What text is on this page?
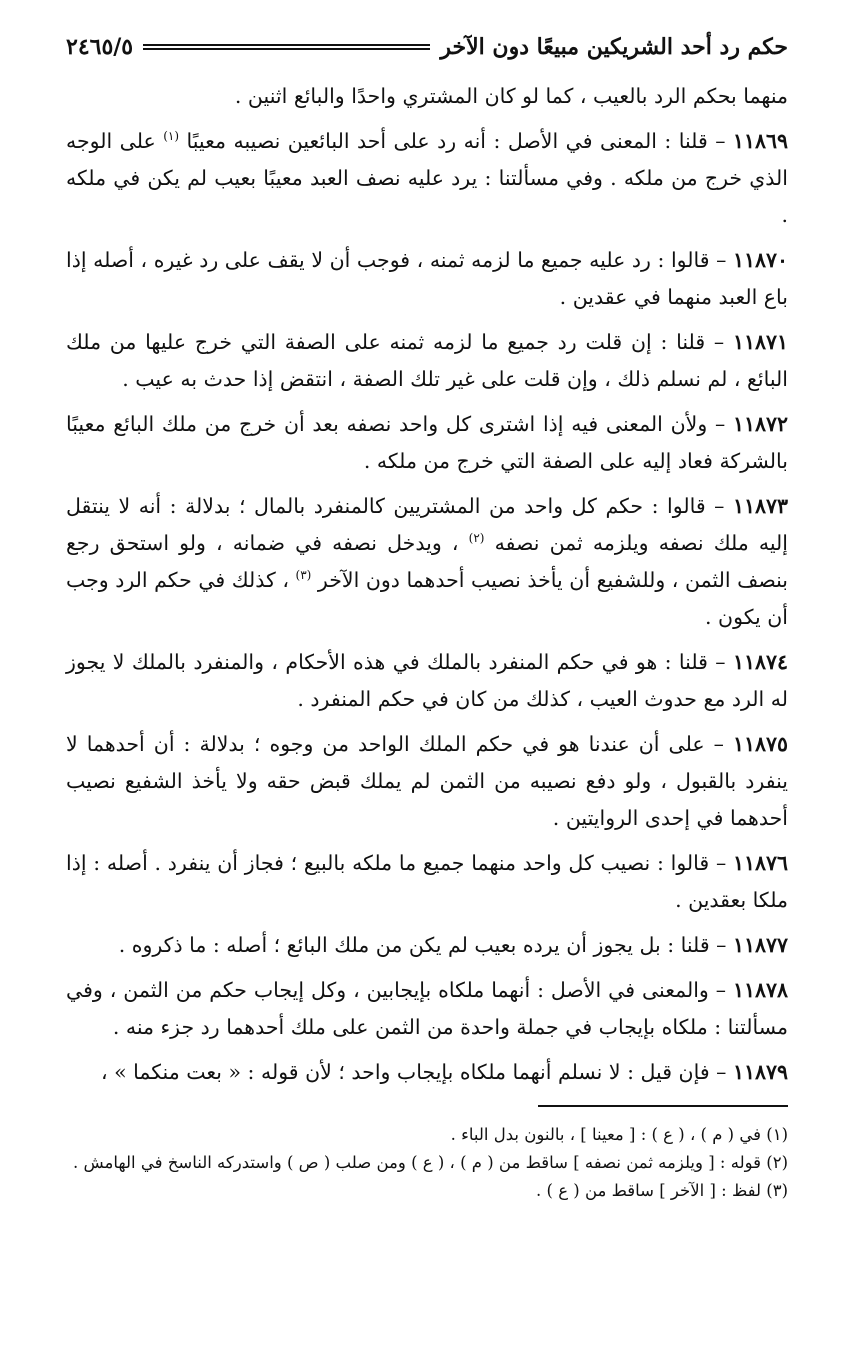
حكم رد أحد الشريكين مبيعًا دون الآخر
٢٤٦٥/٥

منهما بحكم الرد بالعيب ، كما لو كان المشتري واحدًا والبائع اثنين .

١١٨٦٩ – قلنا : المعنى في الأصل : أنه رد على أحد البائعين نصيبه معيبًا $^{(١)}$ على الوجه الذي خرج من ملكه . وفي مسألتنا : يرد عليه نصف العبد معيبًا بعيب لم يكن في ملكه .

١١٨٧٠ – قالوا : رد عليه جميع ما لزمه ثمنه ، فوجب أن لا يقف على رد غيره ، أصله إذا باع العبد منهما في عقدين .

١١٨٧١ – قلنا : إن قلت رد جميع ما لزمه ثمنه على الصفة التي خرج عليها من ملك البائع ، لم نسلم ذلك ، وإن قلت على غير تلك الصفة ، انتقض إذا حدث به عيب .

١١٨٧٢ – ولأن المعنى فيه إذا اشترى كل واحد نصفه بعد أن خرج من ملك البائع معيبًا بالشركة فعاد إليه على الصفة التي خرج من ملكه .

١١٨٧٣ – قالوا : حكم كل واحد من المشتريين كالمنفرد بالمال ؛ بدلالة : أنه لا ينتقل إليه ملك نصفه ويلزمه ثمن نصفه $^{(٢)}$ ، ويدخل نصفه في ضمانه ، ولو استحق رجع بنصف الثمن ، وللشفيع أن يأخذ نصيب أحدهما دون الآخر $^{(٣)}$ ، كذلك في حكم الرد وجب أن يكون .

١١٨٧٤ – قلنا : هو في حكم المنفرد بالملك في هذه الأحكام ، والمنفرد بالملك لا يجوز له الرد مع حدوث العيب ، كذلك من كان في حكم المنفرد .

١١٨٧٥ – على أن عندنا هو في حكم الملك الواحد من وجوه ؛ بدلالة : أن أحدهما لا ينفرد بالقبول ، ولو دفع نصيبه من الثمن لم يملك قبض حقه ولا يأخذ الشفيع نصيب أحدهما في إحدى الروايتين .

١١٨٧٦ – قالوا : نصيب كل واحد منهما جميع ما ملكه بالبيع ؛ فجاز أن ينفرد . أصله : إذا ملكا بعقدين .

١١٨٧٧ – قلنا : بل يجوز أن يرده بعيب لم يكن من ملك البائع ؛ أصله : ما ذكروه .

١١٨٧٨ – والمعنى في الأصل : أنهما ملكاه بإيجابين ، وكل إيجاب حكم من الثمن ، وفي مسألتنا : ملكاه بإيجاب في جملة واحدة من الثمن على ملك أحدهما رد جزء منه .

١١٨٧٩ – فإن قيل : لا نسلم أنهما ملكاه بإيجاب واحد ؛ لأن قوله : « بعت منكما » ،

(١) في ( م ) ، ( ع ) : [ معينا ] ، بالنون بدل الباء .

(٢) قوله : [ ويلزمه ثمن نصفه ] ساقط من ( م ) ، ( ع ) ومن صلب ( ص ) واستدركه الناسخ في الهامش .

(٣) لفظ : [ الآخر ] ساقط من ( ع ) .
